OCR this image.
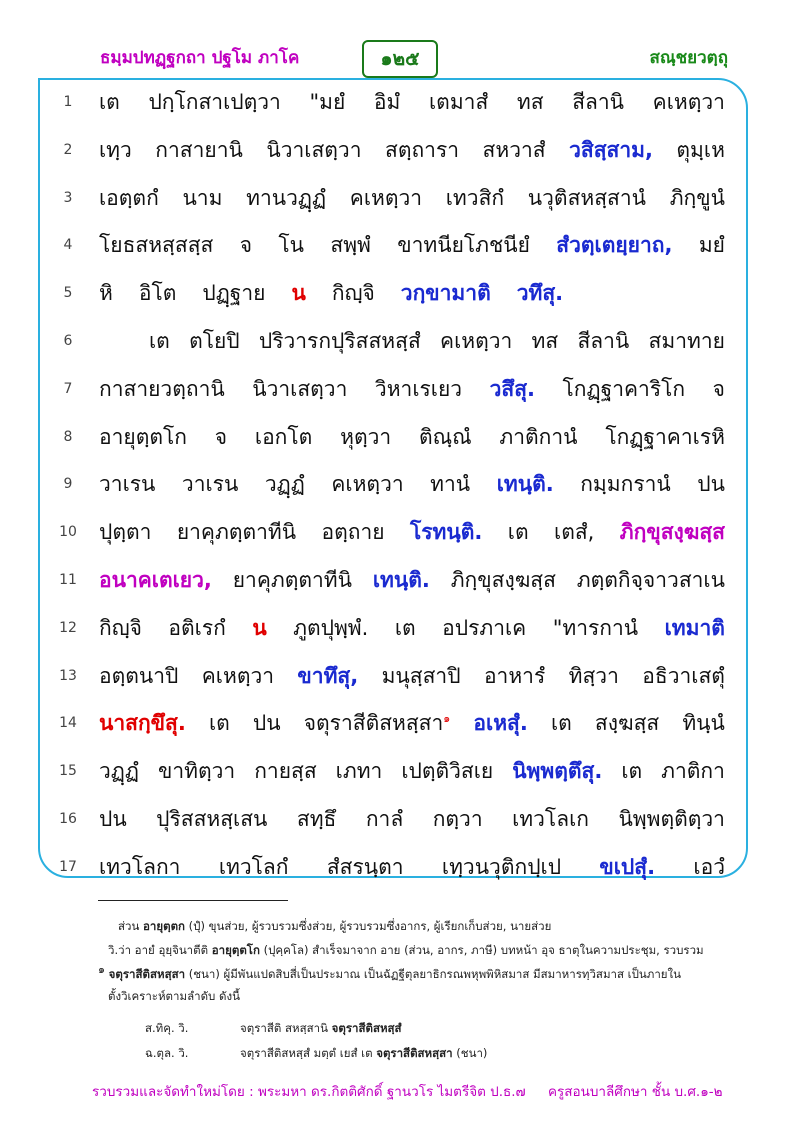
ธมฺมปทฏฺฐกถา ปฐโม ภาโค	๑๒๕	สณฺชยวตฺถุ
1	เต ปกฺโกสาเปตฺวา "มยํ อิมํ เตมาสํ ทส สีลานิ คเหตฺวา
2	เทฺว กาสายานิ นิวาเสตฺวา สตฺถารา สหวาสํ วสิสฺสาม, ตุมฺเห
3	เอตฺตกํ นาม ทานวฏฺฏํ คเหตฺวา เทวสิกํ นวุติสหสฺสานํ ภิกฺขูนํ
4	โยธสหสฺสสฺส จ โน สพฺพํ ขาทนียโภชนียํ สํวตฺเตยฺยาถ, มยํ
5	หิ อิโต ปฏฺฐาย น กิญฺจิ วกฺขามาติ วทึสุ.
6	เต ตโยปิ ปริวารกปุริสสหสฺสํ คเหตฺวา ทส สีลานิ สมาทาย
7	กาสายวตฺถานิ นิวาเสตฺวา วิหาเรเยว วสึสุ. โกฏฺฐาคาริโก จ
8	อายุตฺตโก จ เอกโต หุตฺวา ติณฺณํ ภาติกานํ โกฏฺฐาคาเรหิ
9	วาเรน วาเรน วฏฺฏํ คเหตฺวา ทานํ เทนฺติ. กมฺมกรานํ ปน
10 ปุตฺตา ยาคุภตฺตาทีนิ อตฺถาย โรทนฺติ. เต เตสํ, ภิกฺขุสงฺฆสฺส
11 อนาคเตเยว, ยาคุภตฺตาทีนิ เทนฺติ. ภิกฺขุสงฺฆสฺส ภตฺตกิจฺจาวสาเน
12 กิญฺจิ อติเรกํ น ภูตปุพฺพํ. เต อปรภาเค "ทารกานํ เทมาติ
13 อตฺตนาปิ คเหตฺวา ขาทึสุ, มนุสฺสาปิ อาหารํ ทิสฺวา อธิวาเสตุํ
14 นาสกฺขึสุ. เต ปน จตุราสีติสหสฺสา$^๑$ อเหสุํ. เต สงฺฆสฺส ทินฺนํ
15 วฏฺฏํ ขาทิตฺวา กายสฺส เภทา เปตฺติวิสเย นิพฺพตฺตึสุ. เต ภาติกา
16 ปน ปุริสสหสฺเสน สทฺธึ กาลํ กตฺวา เทวโลเก นิพฺพตฺติตฺวา
17 เทวโลกา เทวโลกํ สํสรนฺตา เทฺวนวุติกปฺเป ขเปสุํ. เอวํ
ส่วน อายุตฺตก (ปุํ) ขุนส่วย, ผู้รวบรวมซึ่งส่วย, ผู้รวบรวมซึ่งอากร, ผู้เรียกเก็บส่วย, นายส่วย
วิ.ว่า อายํ อุยฺจินาตีติ อายุตฺตโก (ปุคฺคโล) สำเร็จมาจาก อาย (ส่วน, อากร, ภาษี) บทหน้า อุจ ธาตุในความประชุม, รวบรวม
๑ จตุราสีติสหสฺสา (ชนา) ผู้มีพันแปดสิบสี่เป็นประมาณ เป็นฉัฏฐีตุลยาธิกรณพหุพพิหิสมาส มีสมาหารทฺวิสมาส เป็นภายใน
ตั้งวิเคราะห์ตามลำดับ ดังนี้
ส.ทิคุ. วิ.	จตุราสีติ สหสฺสานิ จตุราสีติสหสฺสํ
ฉ.ตุล. วิ.	จตุราสีติสหสฺสํ มตฺตํ เยสํ เต จตุราสีติสหสฺสา (ชนา)
รวบรวมและจัดทำใหม่โดย : พระมหา ดร.กิตติศักดิ์ ฐานวโร ไมตรีจิต ป.ธ.๗ ครูสอนบาลีศึกษา ชั้น บ.ศ.๑-๒
